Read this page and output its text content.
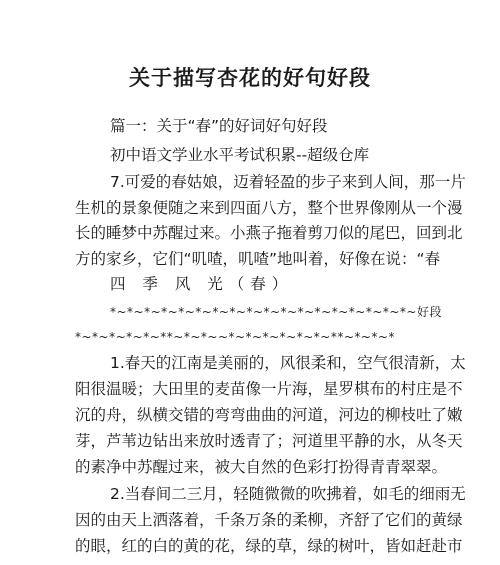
关于描写杏花的好句好段
篇一：关于“春”的好词好句好段
初中语文学业水平考试积累--超级仓库
7.可爱的春姑娘，迈着轻盈的步子来到人间，那一片
生机的景象便随之来到四面八方，整个世界像刚从一个漫
长的睡梦中苏醒过来。小燕子拖着剪刀似的尾巴，回到北
方的家乡，它们“叽喳，叽喳”地叫着，好像在说：“春
四 季 风 光（春）
*~*~*~*~*~*~*~*~*~*~*~*~*~*~*~*~*~*~好段
*~*~*~*~*~**~*~*~~*~*~*~*~*~*~**~*~*~*
1.春天的江南是美丽的，风很柔和，空气很清新，太
阳很温暖；大田里的麦苗像一片海，星罗棋布的村庄是不
沉的舟，纵横交错的弯弯曲曲的河道，河边的柳枝吐了嫩
芽，芦苇边钻出来放时透青了；河道里平静的水，从冬天
的素净中苏醒过来，被大自然的色彩打扮得青青翠翠。
2.当春间二三月，轻随微微的吹拂着，如毛的细雨无
因的由天上洒落着，千条万条的柔柳，齐舒了它们的黄绿
的眼，红的白的黄的花，绿的草，绿的树叶，皆如赶赴市
